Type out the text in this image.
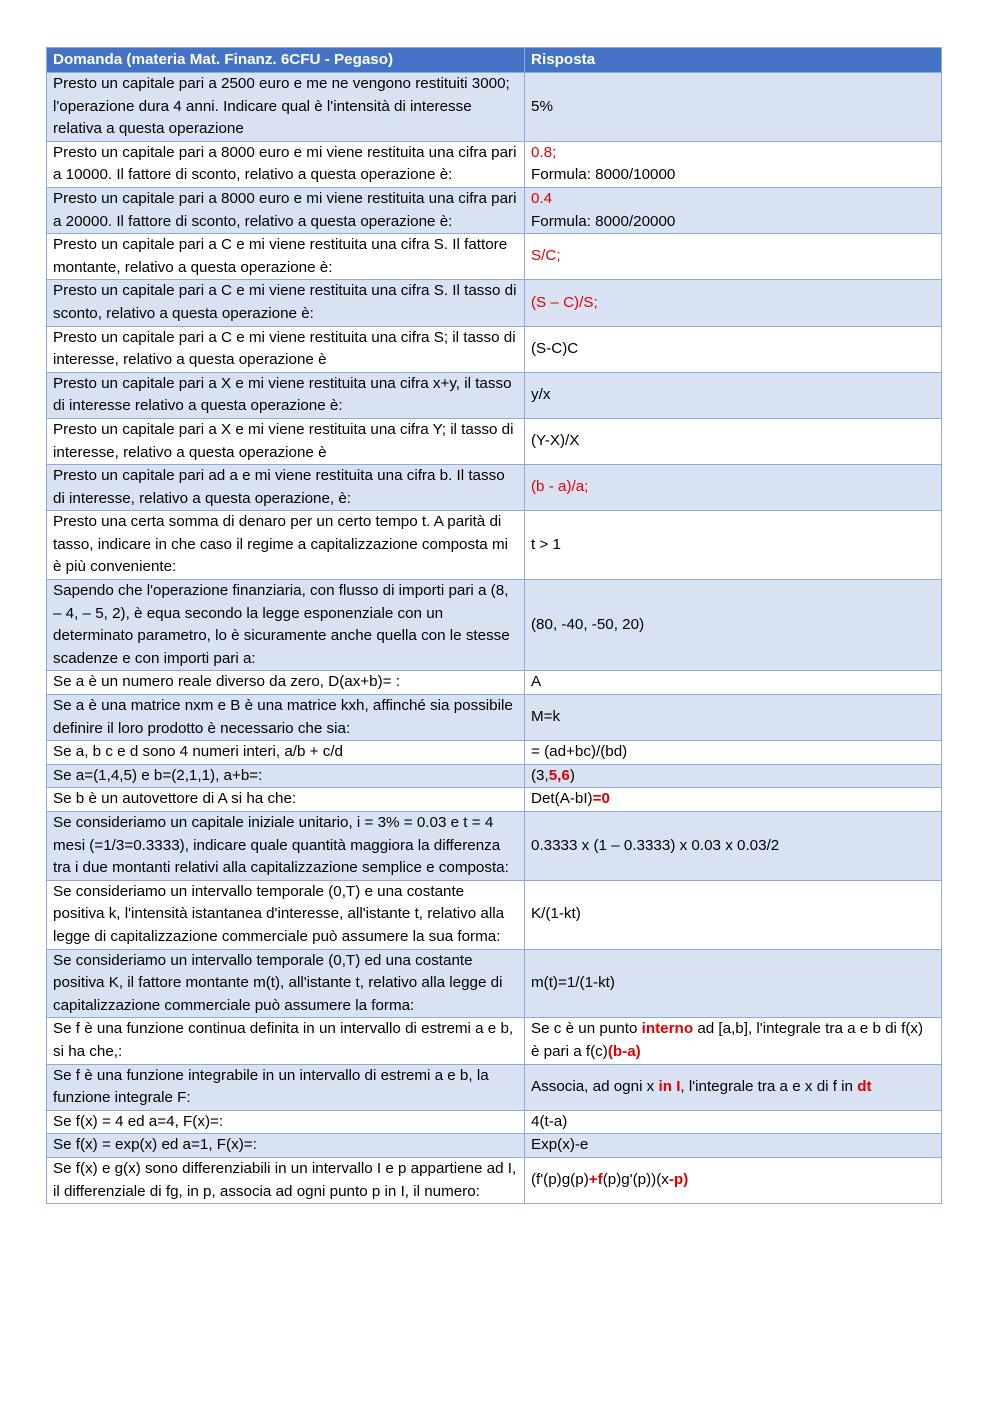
Domanda (materia Mat. Finanz. 6CFU - Pegaso)	Risposta
Presto un capitale pari a 2500 euro e me ne vengono restituiti 3000; l'operazione dura 4 anni. Indicare qual è l'intensità di interesse relativa a questa operazione	5%
Presto un capitale pari a 8000 euro e mi viene restituita una cifra pari a 10000. Il fattore di sconto, relativo a questa operazione è:	0.8;
Formula: 8000/10000

Presto un capitale pari a 8000 euro e mi viene restituita una cifra pari a 20000. Il fattore di sconto, relativo a questa operazione è:	0.4
Formula: 8000/20000

Presto un capitale pari a C e mi viene restituita una cifra S. Il fattore montante, relativo a questa operazione è:	S/C;
Presto un capitale pari a C e mi viene restituita una cifra S. Il tasso di sconto, relativo a questa operazione è:	(S – C)/S;
Presto un capitale pari a C e mi viene restituita una cifra S; il tasso di interesse, relativo a questa operazione è	(S-C)C
Presto un capitale pari a X e mi viene restituita una cifra x+y, il tasso di interesse relativo a questa operazione è:	y/x
Presto un capitale pari a X e mi viene restituita una cifra Y; il tasso di interesse, relativo a questa operazione è	(Y-X)/X
Presto un capitale pari ad a e mi viene restituita una cifra b. Il tasso di interesse, relativo a questa operazione, è:	(b - a)/a;
Presto una certa somma di denaro per un certo tempo t. A parità di tasso, indicare in che caso il regime a capitalizzazione composta mi è più conveniente:	t > 1
Sapendo che l'operazione finanziaria, con flusso di importi pari a (8, – 4, – 5, 2), è equa secondo la legge esponenziale con un determinato parametro, lo è sicuramente anche quella con le stesse scadenze e con importi pari a:	(80, -40, -50, 20)
Se a è un numero reale diverso da zero, D(ax+b)= :	A
Se a è una matrice nxm e B è una matrice kxh, affinché sia possibile definire il loro prodotto è necessario che sia:	M=k
Se a, b c e d sono 4 numeri interi, a/b + c/d	= (ad+bc)/(bd)
Se a=(1,4,5) e b=(2,1,1), a+b=:	(3,5,6)
Se b è un autovettore di A si ha che:	Det(A-bI)=0
Se consideriamo un capitale iniziale unitario, i = 3% = 0.03 e t = 4 mesi (=1/3=0.3333), indicare quale quantità maggiora la differenza tra i due montanti relativi alla capitalizzazione semplice e composta:	0.3333 x (1 – 0.3333) x 0.03 x 0.03/2
Se consideriamo un intervallo temporale (0,T) e una costante positiva k, l'intensità istantanea d'interesse, all'istante t, relativo alla legge di capitalizzazione commerciale può assumere la sua forma:	K/(1-kt)
Se consideriamo un intervallo temporale (0,T) ed una costante positiva K, il fattore montante m(t), all'istante t, relativo alla legge di capitalizzazione commerciale può assumere la forma:	m(t)=1/(1-kt)
Se f è una funzione continua definita in un intervallo di estremi a e b, si ha che,:	Se c è un punto interno ad [a,b], l'integrale tra a e b di f(x) è pari a f(c)(b-a)
Se f è una funzione integrabile in un intervallo di estremi a e b, la funzione integrale F:	Associa, ad ogni x in I, l'integrale tra a e x di f in dt
Se f(x) = 4 ed a=4, F(x)=:	4(t-a)
Se f(x) = exp(x) ed a=1, F(x)=:	Exp(x)-e
Se f(x) e g(x) sono differenziabili in un intervallo I e p appartiene ad I, il differenziale di fg, in p, associa ad ogni punto p in I, il numero:	(f'(p)g(p)+f(p)g'(p))(x-p)
